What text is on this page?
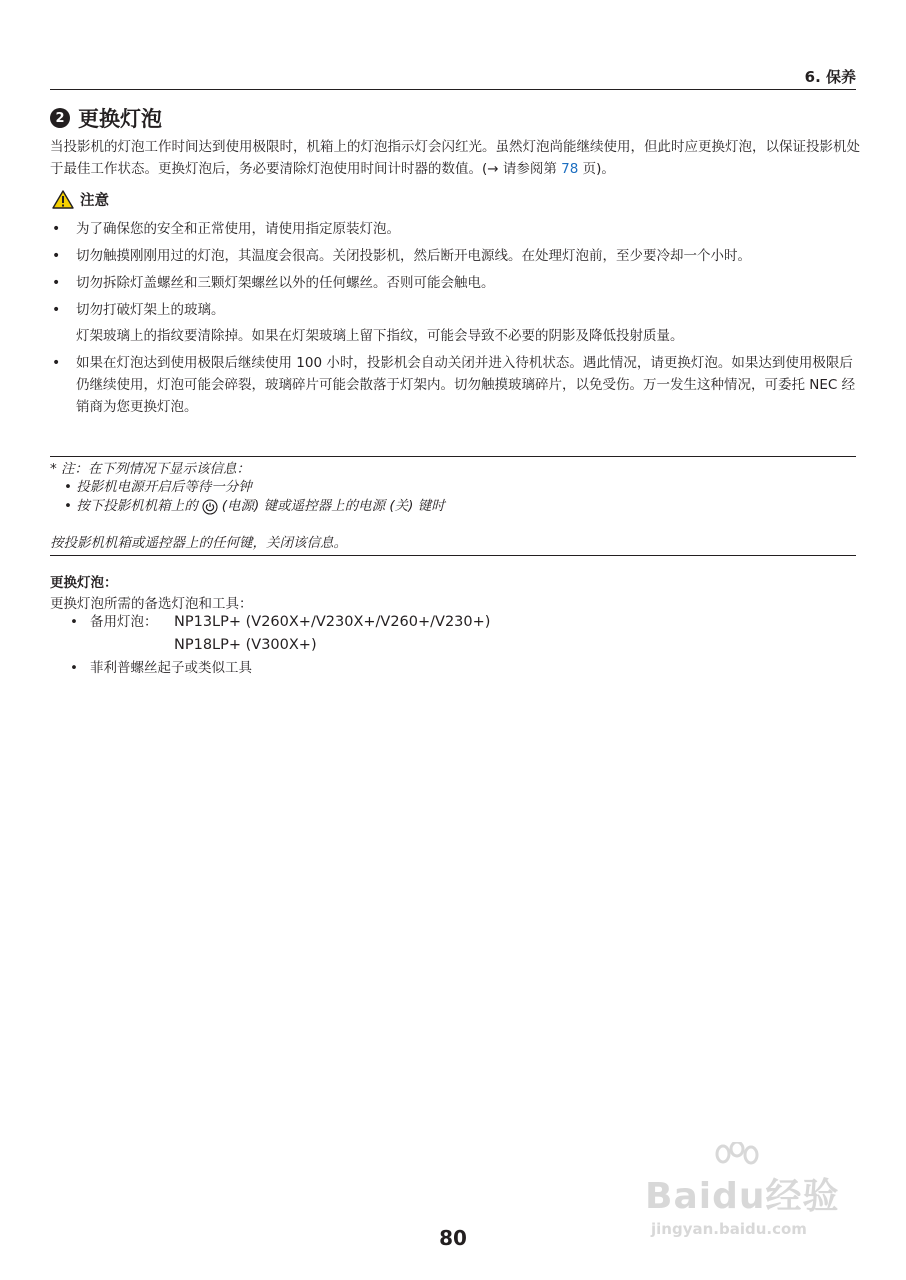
6. 保养
2 更换灯泡

当投影机的灯泡工作时间达到使用极限时，机箱上的灯泡指示灯会闪红光。虽然灯泡尚能继续使用，但此时应更换灯泡，以保证投影机处于最佳工作状态。更换灯泡后，务必要清除灯泡使用时间计时器的数值。(→ 请参阅第 78 页)。

注意
• 为了确保您的安全和正常使用，请使用指定原装灯泡。
• 切勿触摸刚刚用过的灯泡，其温度会很高。关闭投影机，然后断开电源线。在处理灯泡前，至少要冷却一个小时。
• 切勿拆除灯盖螺丝和三颗灯架螺丝以外的任何螺丝。否则可能会触电。
• 切勿打破灯架上的玻璃。
灯架玻璃上的指纹要清除掉。如果在灯架玻璃上留下指纹，可能会导致不必要的阴影及降低投射质量。
• 如果在灯泡达到使用极限后继续使用 100 小时，投影机会自动关闭并进入待机状态。遇此情况，请更换灯泡。如果达到使用极限后仍继续使用，灯泡可能会碎裂，玻璃碎片可能会散落于灯架内。切勿触摸玻璃碎片，以免受伤。万一发生这种情况，可委托 NEC 经销商为您更换灯泡。
* 注：在下列情况下显示该信息：
• 投影机电源开启后等待一分钟
• 按下投影机机箱上的 (电源) 键或遥控器上的电源 (关) 键时
按投影机机箱或遥控器上的任何键，关闭该信息。
更换灯泡：
更换灯泡所需的备选灯泡和工具：
• 备用灯泡：	NP13LP+ (V260X+/V230X+/V260+/V230+)
NP18LP+ (V300X+)
• 菲利普螺丝起子或类似工具
Baidu经验
jingyan.baidu.com
80
